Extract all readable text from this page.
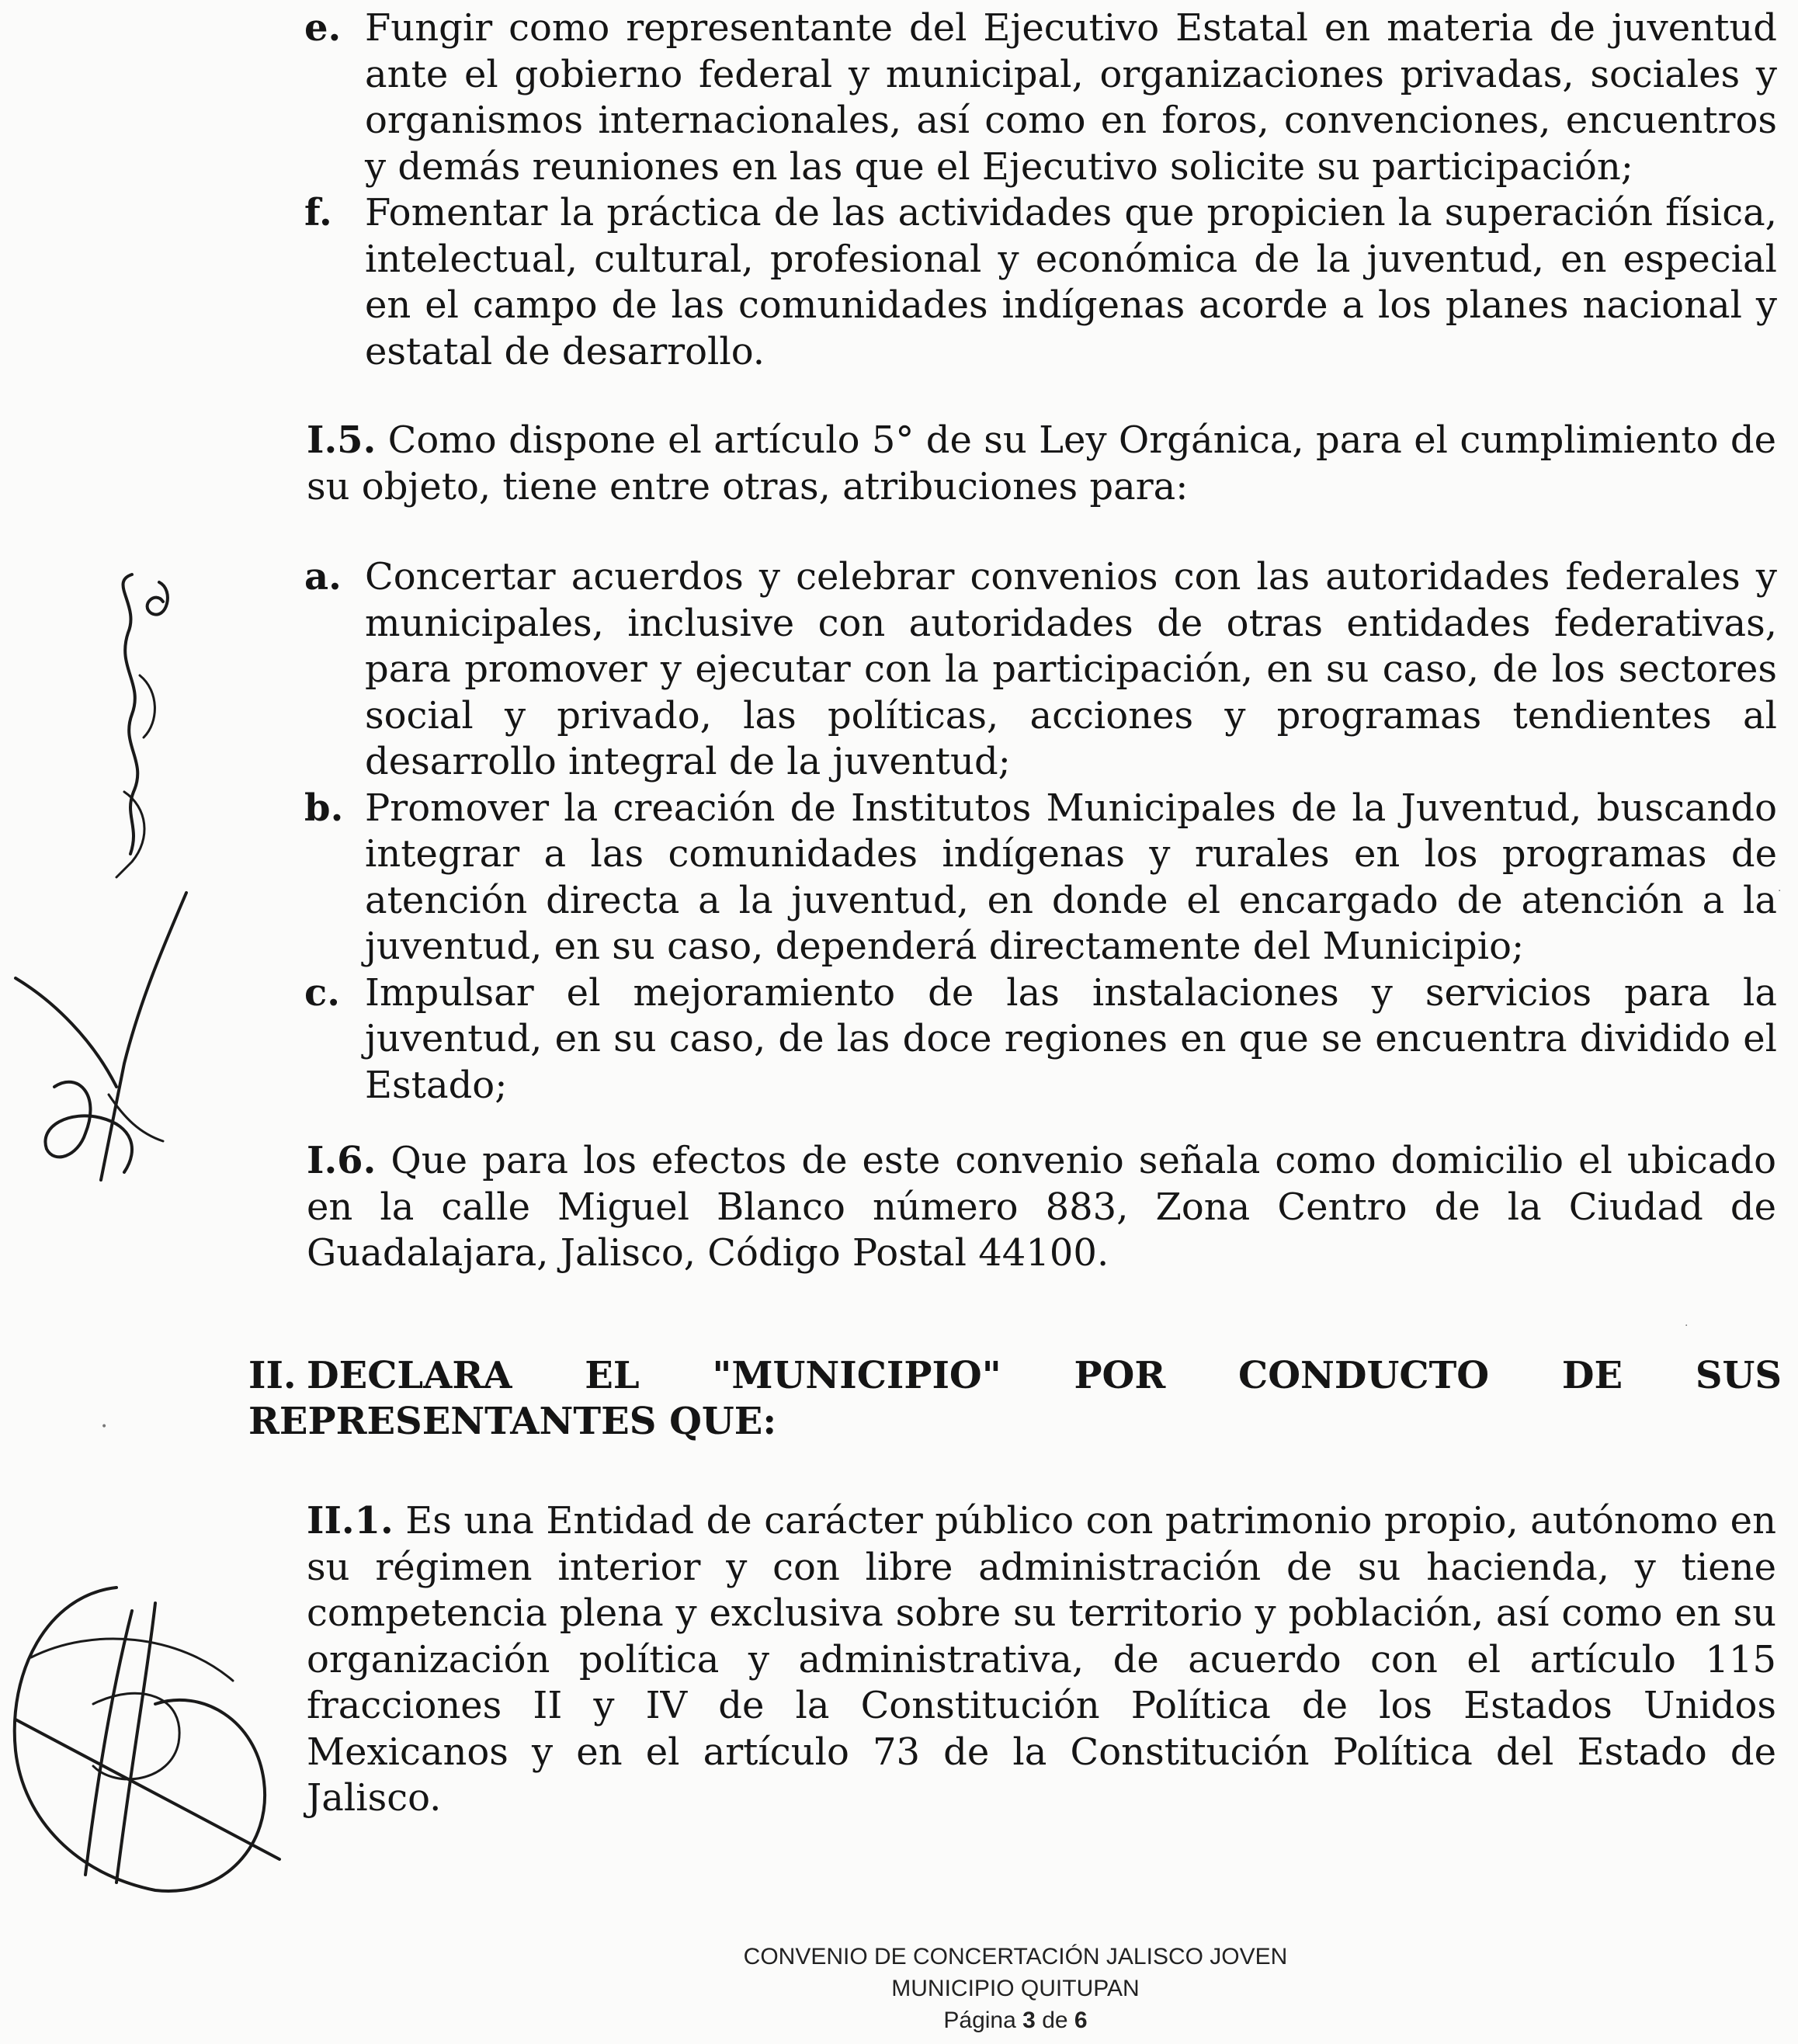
e. Fungir como representante del Ejecutivo Estatal en materia de juventud ante el gobierno federal y municipal, organizaciones privadas, sociales y organismos internacionales, así como en foros, convenciones, encuentros y demás reuniones en las que el Ejecutivo solicite su participación;
f. Fomentar la práctica de las actividades que propicien la superación física, intelectual, cultural, profesional y económica de la juventud, en especial en el campo de las comunidades indígenas acorde a los planes nacional y estatal de desarrollo.

I.5. Como dispone el artículo 5° de su Ley Orgánica, para el cumplimiento de su objeto, tiene entre otras, atribuciones para:

a. Concertar acuerdos y celebrar convenios con las autoridades federales y municipales, inclusive con autoridades de otras entidades federativas, para promover y ejecutar con la participación, en su caso, de los sectores social y privado, las políticas, acciones y programas tendientes al desarrollo integral de la juventud;
b. Promover la creación de Institutos Municipales de la Juventud, buscando integrar a las comunidades indígenas y rurales en los programas de atención directa a la juventud, en donde el encargado de atención a la juventud, en su caso, dependerá directamente del Municipio;
c. Impulsar el mejoramiento de las instalaciones y servicios para la juventud, en su caso, de las doce regiones en que se encuentra dividido el Estado;

I.6. Que para los efectos de este convenio señala como domicilio el ubicado en la calle Miguel Blanco número 883, Zona Centro de la Ciudad de Guadalajara, Jalisco, Código Postal 44100.

II. DECLARA EL "MUNICIPIO" POR CONDUCTO DE SUS REPRESENTANTES QUE:

II.1. Es una Entidad de carácter público con patrimonio propio, autónomo en su régimen interior y con libre administración de su hacienda, y tiene competencia plena y exclusiva sobre su territorio y población, así como en su organización política y administrativa, de acuerdo con el artículo 115 fracciones II y IV de la Constitución Política de los Estados Unidos Mexicanos y en el artículo 73 de la Constitución Política del Estado de Jalisco.

CONVENIO DE CONCERTACIÓN JALISCO JOVEN
MUNICIPIO QUITUPAN
Página 3 de 6
·
•
·
